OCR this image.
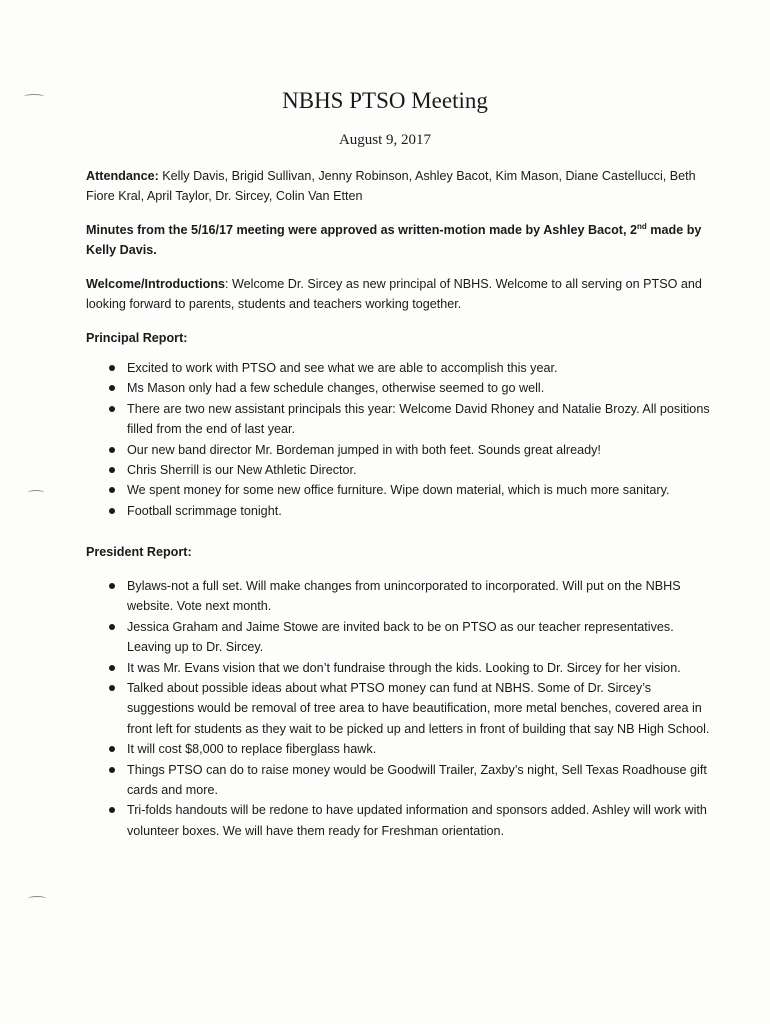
NBHS PTSO Meeting
August 9, 2017
Attendance: Kelly Davis, Brigid Sullivan, Jenny Robinson, Ashley Bacot, Kim Mason, Diane Castellucci, Beth Fiore Kral, April Taylor, Dr. Sircey, Colin Van Etten
Minutes from the 5/16/17 meeting were approved as written-motion made by Ashley Bacot, 2nd made by Kelly Davis.
Welcome/Introductions: Welcome Dr. Sircey as new principal of NBHS. Welcome to all serving on PTSO and looking forward to parents, students and teachers working together.
Principal Report:
Excited to work with PTSO and see what we are able to accomplish this year.
Ms Mason only had a few schedule changes, otherwise seemed to go well.
There are two new assistant principals this year: Welcome David Rhoney and Natalie Brozy. All positions filled from the end of last year.
Our new band director Mr. Bordeman jumped in with both feet. Sounds great already!
Chris Sherrill is our New Athletic Director.
We spent money for some new office furniture. Wipe down material, which is much more sanitary.
Football scrimmage tonight.
President Report:
Bylaws-not a full set. Will make changes from unincorporated to incorporated. Will put on the NBHS website. Vote next month.
Jessica Graham and Jaime Stowe are invited back to be on PTSO as our teacher representatives. Leaving up to Dr. Sircey.
It was Mr. Evans vision that we don’t fundraise through the kids. Looking to Dr. Sircey for her vision.
Talked about possible ideas about what PTSO money can fund at NBHS. Some of Dr. Sircey’s suggestions would be removal of tree area to have beautification, more metal benches, covered area in front left for students as they wait to be picked up and letters in front of building that say NB High School.
It will cost $8,000 to replace fiberglass hawk.
Things PTSO can do to raise money would be Goodwill Trailer, Zaxby’s night, Sell Texas Roadhouse gift cards and more.
Tri-folds handouts will be redone to have updated information and sponsors added. Ashley will work with volunteer boxes. We will have them ready for Freshman orientation.
